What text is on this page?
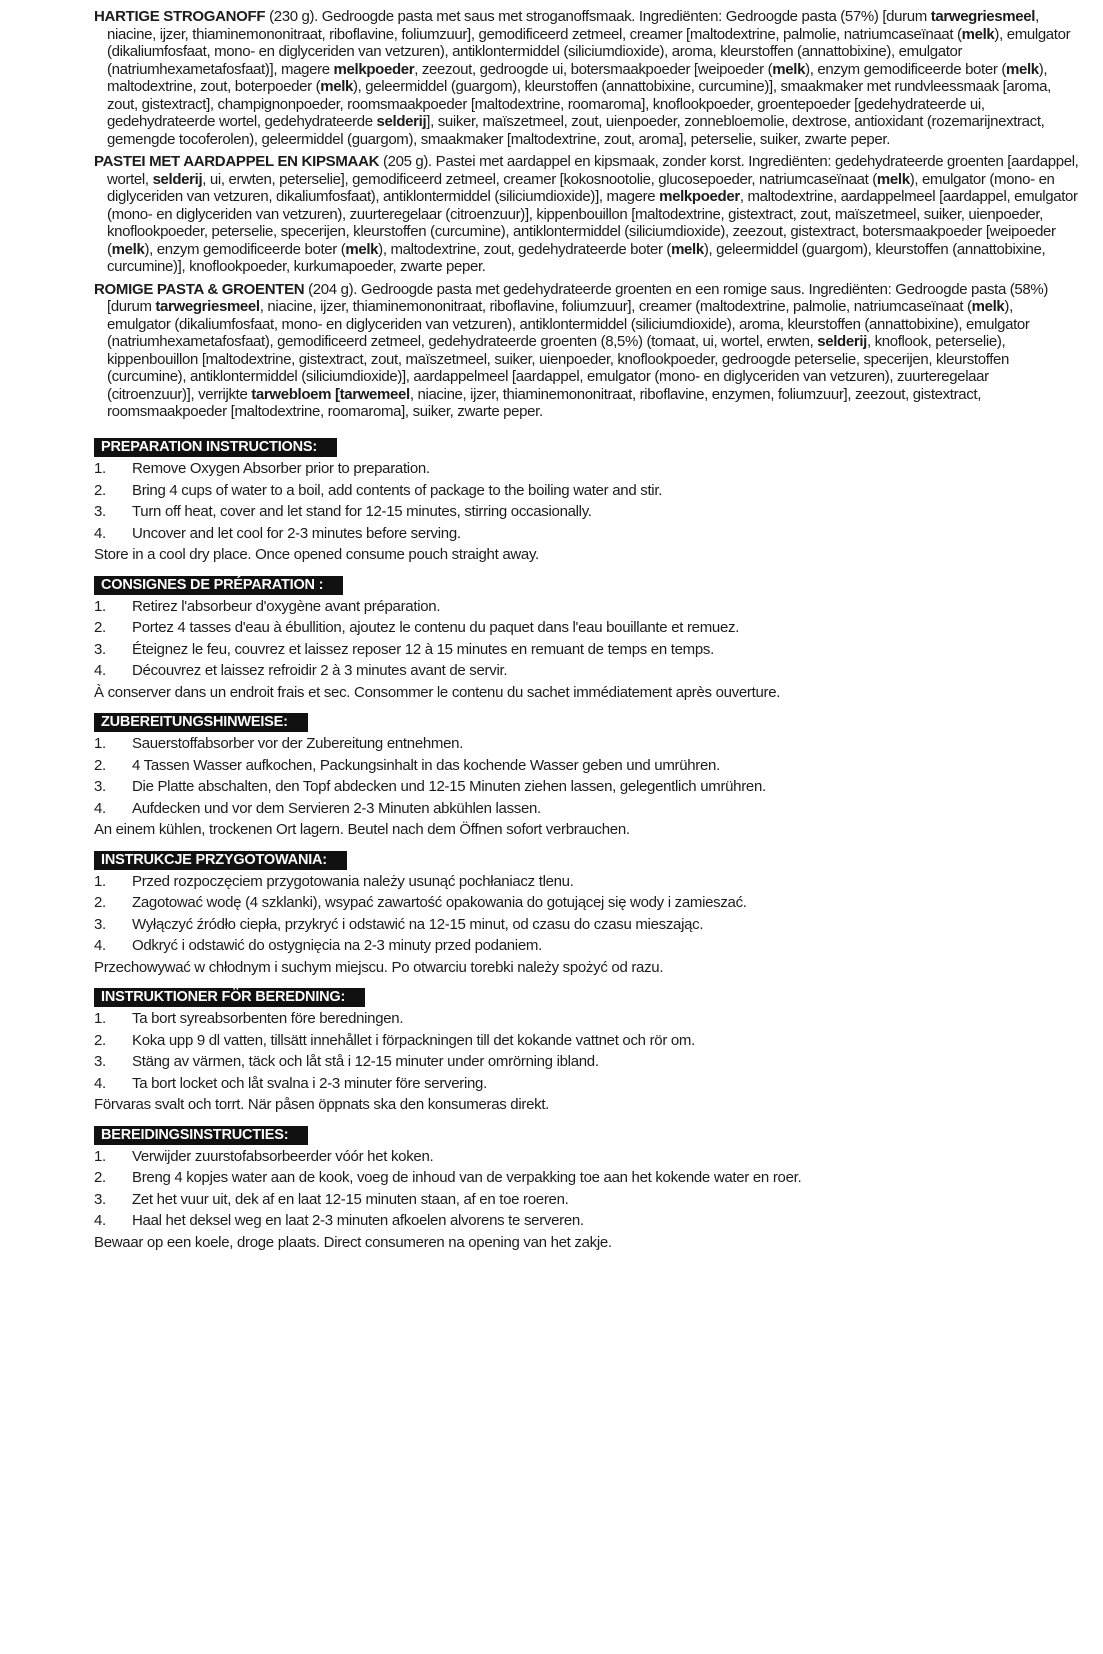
HARTIGE STROGANOFF (230 g). Gedroogde pasta met saus met stroganoffsmaak. Ingrediënten: Gedroogde pasta (57%) [durum tarwegriesmeel, niacine, ijzer, thiaminemononitraat, riboflavine, foliumzuur], gemodificeerd zetmeel, creamer [maltodextrine, palmolie, natriumcaseïnaat (melk), emulgator (dikaliumfosfaat, mono- en diglyceriden van vetzuren), antiklontermiddel (siliciumdioxide), aroma, kleurstoffen (annattobixine), emulgator (natriumhexametafosfaat)], magere melkpoeder, zeezout, gedroogde ui, botersmaakpoeder [weipoeder (melk), enzym gemodificeerde boter (melk), maltodextrine, zout, boterpoeder (melk), geleermiddel (guargom), kleurstoffen (annattobixine, curcumine)], smaakmaker met rundvleessmaak [aroma, zout, gistextract], champignonpoeder, roomsmaakpoeder [maltodextrine, roomaroma], knoflookpoeder, groentepoeder [gedehydrateerde ui, gedehydrateerde wortel, gedehydrateerde selderij], suiker, maïszetmeel, zout, uienpoeder, zonnebloemolie, dextrose, antioxidant (rozemarijnextract, gemengde tocoferolen), geleermiddel (guargom), smaakmaker [maltodextrine, zout, aroma], peterselie, suiker, zwarte peper.

PASTEI MET AARDAPPEL EN KIPSMAAK (205 g). Pastei met aardappel en kipsmaak, zonder korst. Ingrediënten: gedehydrateerde groenten [aardappel, wortel, selderij, ui, erwten, peterselie], gemodificeerd zetmeel, creamer [kokosnootolie, glucosepoeder, natriumcaseïnaat (melk), emulgator (mono- en diglyceriden van vetzuren, dikaliumfosfaat), antiklontermiddel (siliciumdioxide)], magere melkpoeder, maltodextrine, aardappelmeel [aardappel, emulgator (mono- en diglyceriden van vetzuren), zuurteregelaar (citroenzuur)], kippenbouillon [maltodextrine, gistextract, zout, maïszetmeel, suiker, uienpoeder, knoflookpoeder, peterselie, specerijen, kleurstoffen (curcumine), antiklontermiddel (siliciumdioxide), zeezout, gistextract, botersmaakpoeder [weipoeder (melk), enzym gemodificeerde boter (melk), maltodextrine, zout, gedehydrateerde boter (melk), geleermiddel (guargom), kleurstoffen (annattobixine, curcumine)], knoflookpoeder, kurkumapoeder, zwarte peper.

ROMIGE PASTA & GROENTEN (204 g). Gedroogde pasta met gedehydrateerde groenten en een romige saus. Ingrediënten: Gedroogde pasta (58%) [durum tarwegriesmeel, niacine, ijzer, thiaminemononitraat, riboflavine, foliumzuur], creamer (maltodextrine, palmolie, natriumcaseïnaat (melk), emulgator (dikaliumfosfaat, mono- en diglyceriden van vetzuren), antiklontermiddel (siliciumdioxide), aroma, kleurstoffen (annattobixine), emulgator (natriumhexametafosfaat), gemodificeerd zetmeel, gedehydrateerde groenten (8,5%) (tomaat, ui, wortel, erwten, selderij, knoflook, peterselie), kippenbouillon [maltodextrine, gistextract, zout, maïszetmeel, suiker, uienpoeder, knoflookpoeder, gedroogde peterselie, specerijen, kleurstoffen (curcumine), antiklontermiddel (siliciumdioxide)], aardappelmeel [aardappel, emulgator (mono- en diglyceriden van vetzuren), zuurteregelaar (citroenzuur)], verrijkte tarwebloem [tarwemeel, niacine, ijzer, thiaminemononitraat, riboflavine, enzymen, foliumzuur], zeezout, gistextract, roomsmaakpoeder [maltodextrine, roomaroma], suiker, zwarte peper.

PREPARATION INSTRUCTIONS:
1.	Remove Oxygen Absorber prior to preparation.
2.	Bring 4 cups of water to a boil, add contents of package to the boiling water and stir.
3.	Turn off heat, cover and let stand for 12-15 minutes, stirring occasionally.
4.	Uncover and let cool for 2-3 minutes before serving.
Store in a cool dry place. Once opened consume pouch straight away.
CONSIGNES DE PRÉPARATION :
1.	Retirez l'absorbeur d'oxygène avant préparation.
2.	Portez 4 tasses d'eau à ébullition, ajoutez le contenu du paquet dans l'eau bouillante et remuez.
3.	Éteignez le feu, couvrez et laissez reposer 12 à 15 minutes en remuant de temps en temps.
4.	Découvrez et laissez refroidir 2 à 3 minutes avant de servir.
À conserver dans un endroit frais et sec. Consommer le contenu du sachet immédiatement après ouverture.
ZUBEREITUNGSHINWEISE:
1.	Sauerstoffabsorber vor der Zubereitung entnehmen.
2.	4 Tassen Wasser aufkochen, Packungsinhalt in das kochende Wasser geben und umrühren.
3.	Die Platte abschalten, den Topf abdecken und 12-15 Minuten ziehen lassen, gelegentlich umrühren.
4.	Aufdecken und vor dem Servieren 2-3 Minuten abkühlen lassen.
An einem kühlen, trockenen Ort lagern. Beutel nach dem Öffnen sofort verbrauchen.
INSTRUKCJE PRZYGOTOWANIA:
1.	Przed rozpoczęciem przygotowania należy usunąć pochłaniacz tlenu.
2.	Zagotować wodę (4 szklanki), wsypać zawartość opakowania do gotującej się wody i zamieszać.
3.	Wyłączyć źródło ciepła, przykryć i odstawić na 12-15 minut, od czasu do czasu mieszając.
4.	Odkryć i odstawić do ostygnięcia na 2-3 minuty przed podaniem.
Przechowywać w chłodnym i suchym miejscu. Po otwarciu torebki należy spożyć od razu.
INSTRUKTIONER FÖR BEREDNING:
1.	Ta bort syreabsorbenten före beredningen.
2.	Koka upp 9 dl vatten, tillsätt innehållet i förpackningen till det kokande vattnet och rör om.
3.	Stäng av värmen, täck och låt stå i 12-15 minuter under omrörning ibland.
4.	Ta bort locket och låt svalna i 2-3 minuter före servering.
Förvaras svalt och torrt. När påsen öppnats ska den konsumeras direkt.
BEREIDINGSINSTRUCTIES:
1.	Verwijder zuurstofabsorbeerder vóór het koken.
2.	Breng 4 kopjes water aan de kook, voeg de inhoud van de verpakking toe aan het kokende water en roer.
3.	Zet het vuur uit, dek af en laat 12-15 minuten staan, af en toe roeren.
4.	Haal het deksel weg en laat 2-3 minuten afkoelen alvorens te serveren.
Bewaar op een koele, droge plaats. Direct consumeren na opening van het zakje.
